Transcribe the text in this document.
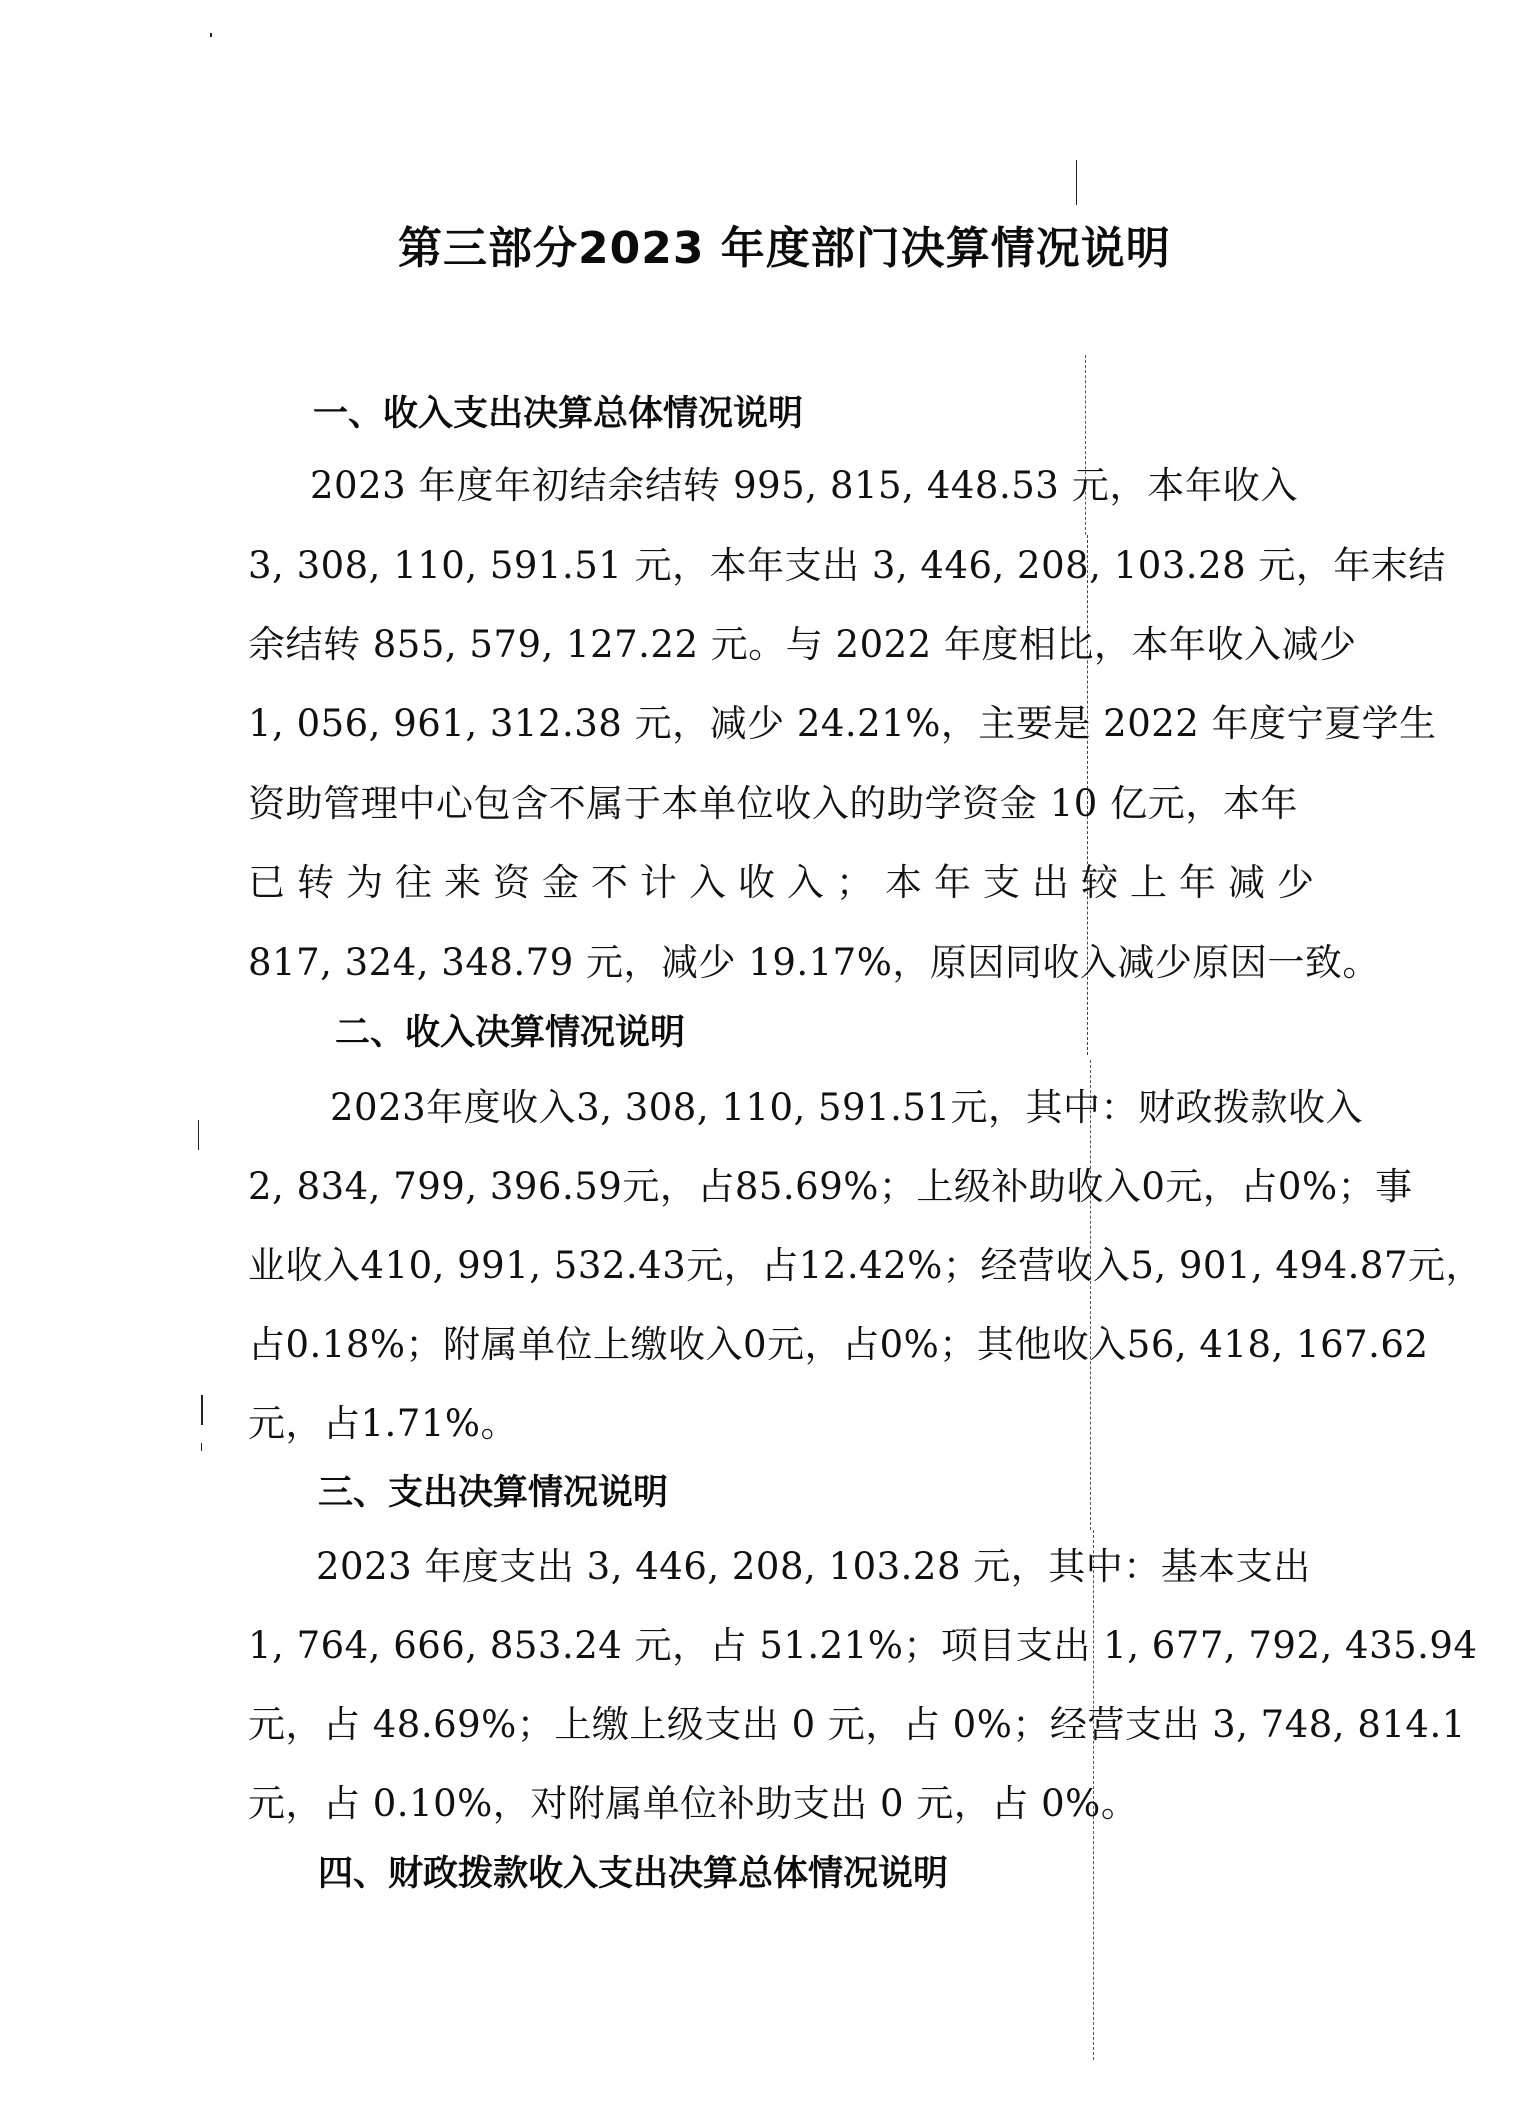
第三部分2023 年度部门决算情况说明
一、收入支出决算总体情况说明
2023 年度年初结余结转 995, 815, 448.53 元，本年收入
3, 308, 110, 591.51 元，本年支出 3, 446, 208, 103.28 元，年末结
余结转 855, 579, 127.22 元。与 2022 年度相比，本年收入减少
1, 056, 961, 312.38 元，减少 24.21%，主要是 2022 年度宁夏学生
资助管理中心包含不属于本单位收入的助学资金 10 亿元，本年
已转为往来资金不计入收入；本年支出较上年减少
817, 324, 348.79 元，减少 19.17%，原因同收入减少原因一致。
二、收入决算情况说明
2023年度收入3, 308, 110, 591.51元，其中：财政拨款收入
2, 834, 799, 396.59元，占85.69%；上级补助收入0元，占0%；事
业收入410, 991, 532.43元，占12.42%；经营收入5, 901, 494.87元，
占0.18%；附属单位上缴收入0元，占0%；其他收入56, 418, 167.62
元，占1.71%。
三、支出决算情况说明
2023 年度支出 3, 446, 208, 103.28 元，其中：基本支出
1, 764, 666, 853.24 元，占 51.21%；项目支出 1, 677, 792, 435.94
元，占 48.69%；上缴上级支出 0 元，占 0%；经营支出 3, 748, 814.1
元，占 0.10%，对附属单位补助支出 0 元，占 0%。
四、财政拨款收入支出决算总体情况说明
